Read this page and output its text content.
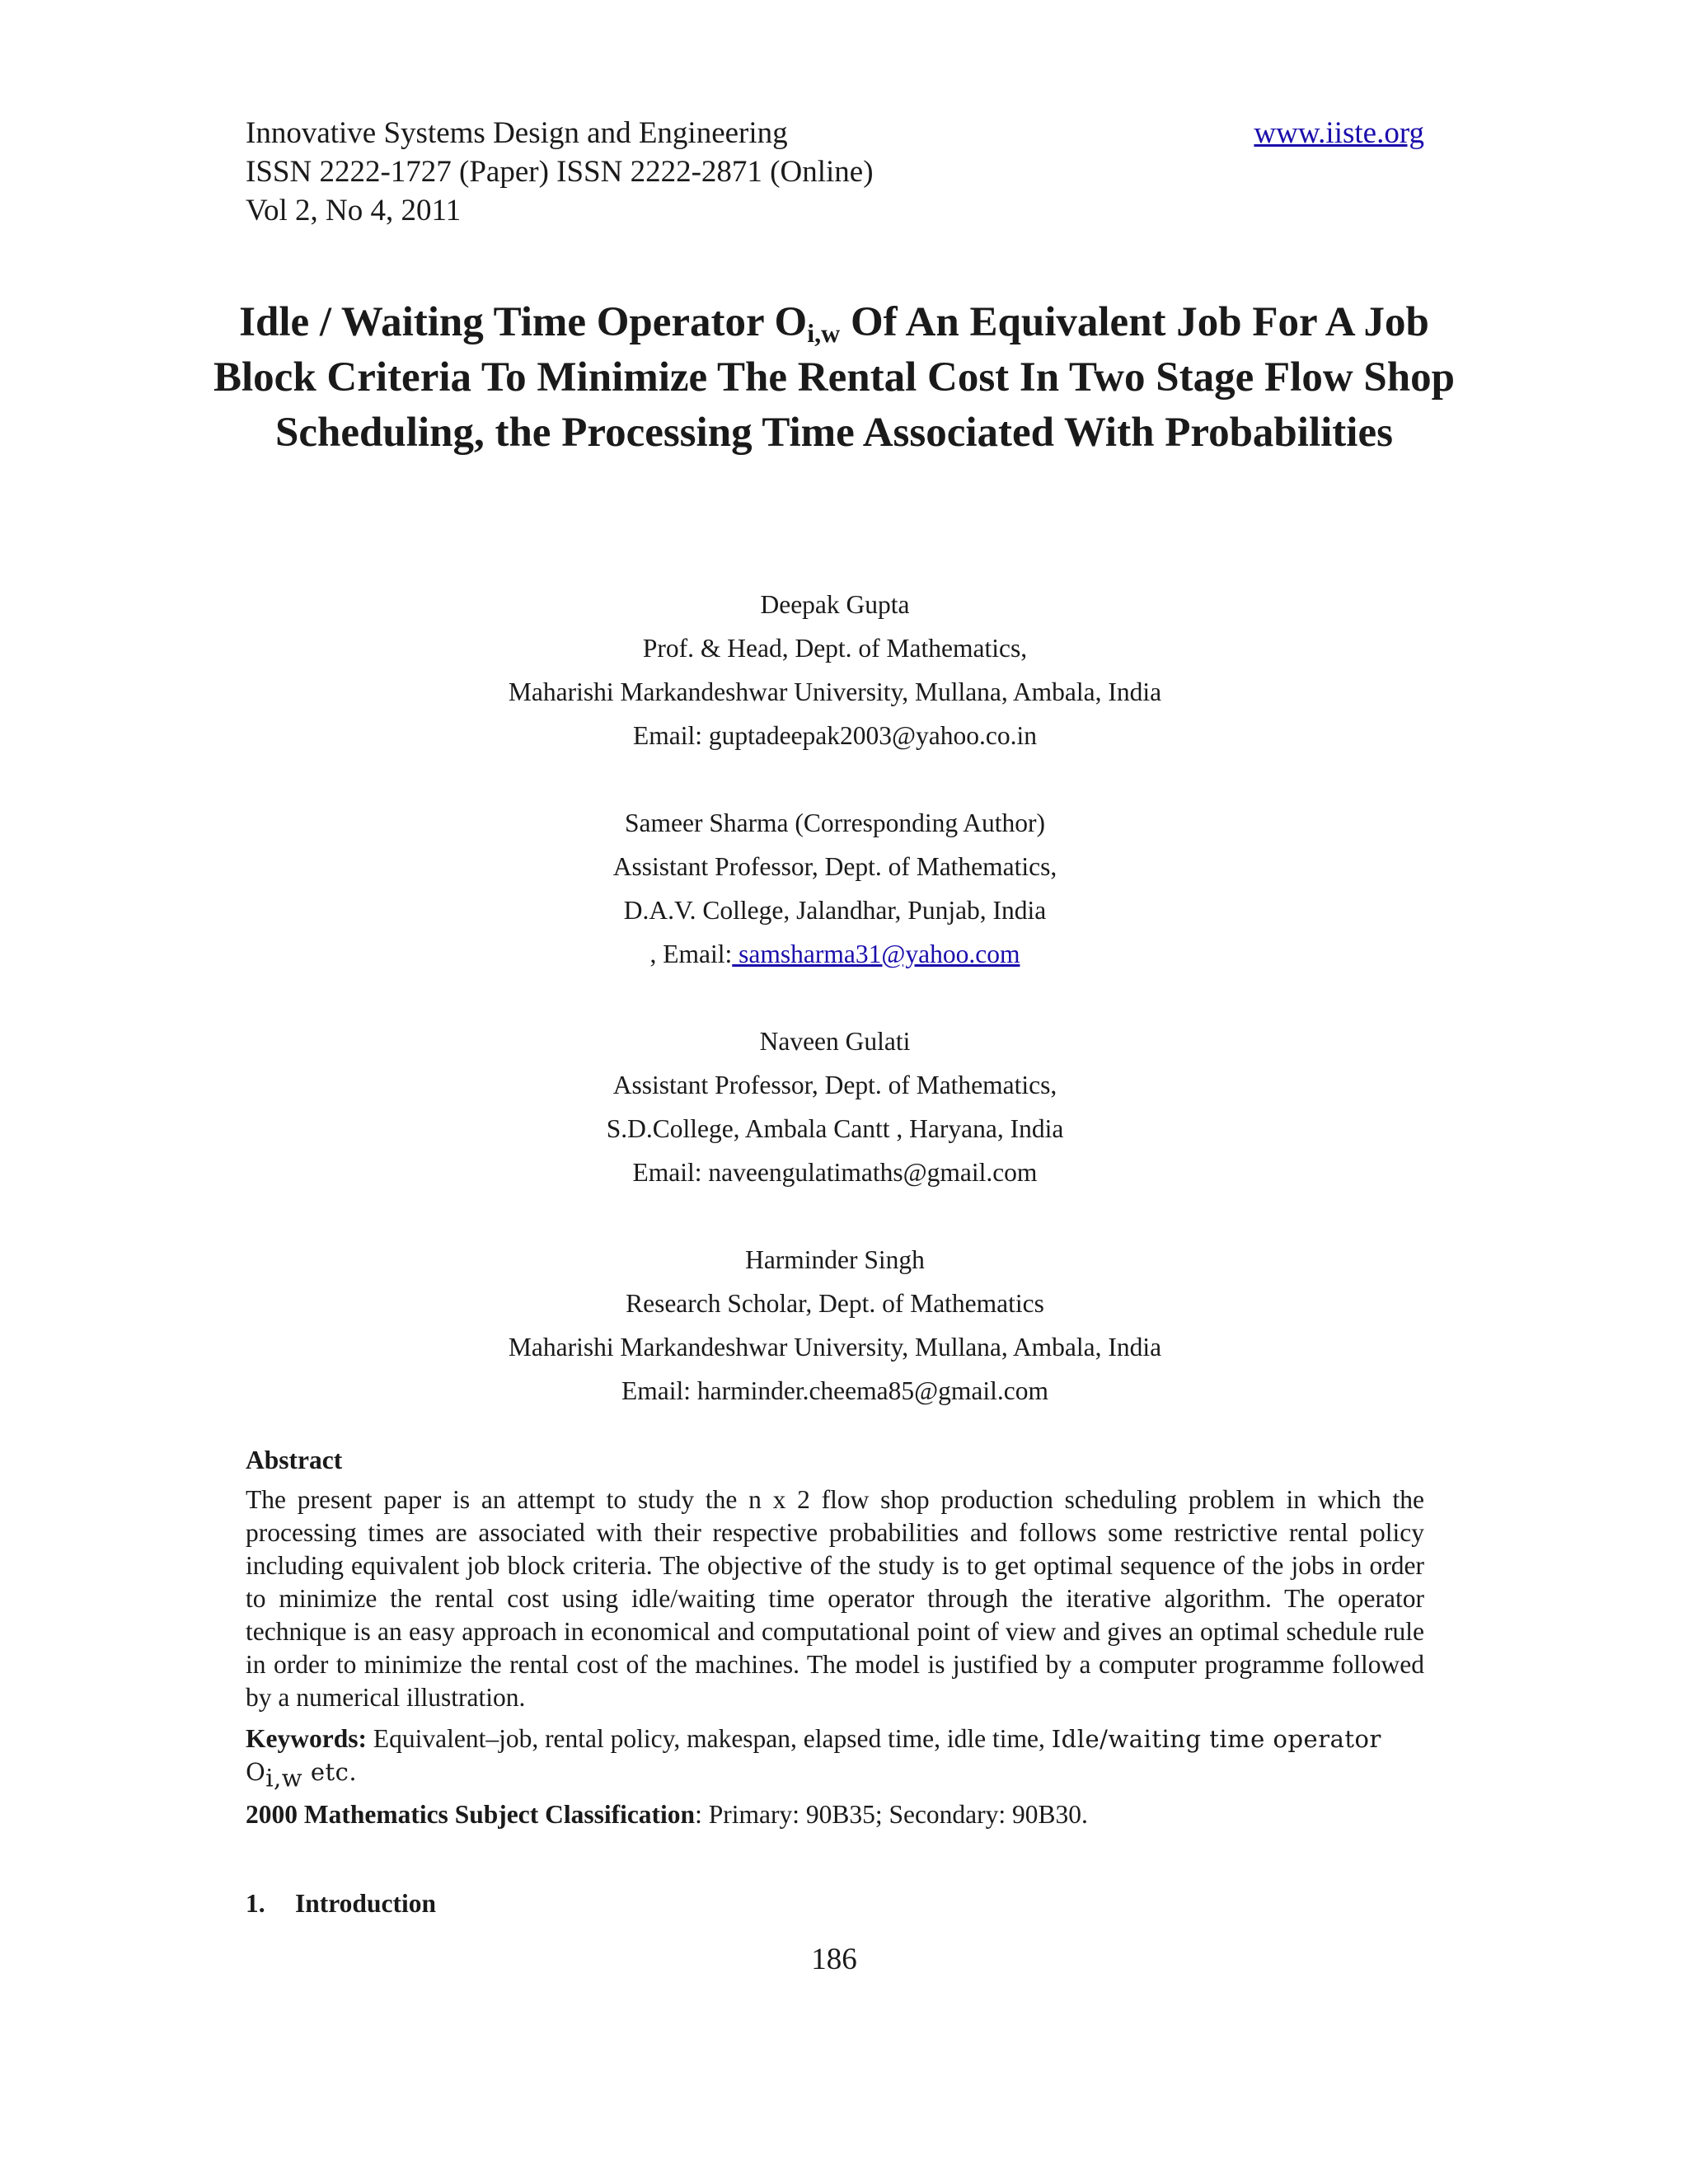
Innovative Systems Design and Engineering	www.iiste.org
ISSN 2222-1727 (Paper) ISSN 2222-2871 (Online)
Vol 2, No 4, 2011
Idle / Waiting Time Operator $O_{i,w}$ Of An Equivalent Job For A Job Block Criteria To Minimize The Rental Cost In Two Stage Flow Shop Scheduling, the Processing Time Associated With Probabilities
Deepak Gupta
Prof. & Head, Dept. of Mathematics,
Maharishi Markandeshwar University, Mullana, Ambala, India
Email: guptadeepak2003@yahoo.co.in
Sameer Sharma (Corresponding Author)
Assistant Professor, Dept. of Mathematics,
D.A.V. College, Jalandhar, Punjab, India
, Email: samsharma31@yahoo.com
Naveen Gulati
Assistant Professor, Dept. of Mathematics,
S.D.College, Ambala Cantt , Haryana, India
Email: naveengulatimaths@gmail.com
Harminder Singh
Research Scholar, Dept. of Mathematics
Maharishi Markandeshwar University, Mullana, Ambala, India
Email: harminder.cheema85@gmail.com
Abstract
The present paper is an attempt to study the n x 2 flow shop production scheduling problem in which the processing times are associated with their respective probabilities and follows some restrictive rental policy including equivalent job block criteria. The objective of the study is to get optimal sequence of the jobs in order to minimize the rental cost using idle/waiting time operator through the iterative algorithm. The operator technique is an easy approach in economical and computational point of view and gives an optimal schedule rule in order to minimize the rental cost of the machines. The model is justified by a computer programme followed by a numerical illustration.
Keywords: Equivalent–job, rental policy, makespan, elapsed time, idle time, Idle/waiting time operator $O_{i,w}$ etc.
2000 Mathematics Subject Classification: Primary: 90B35; Secondary: 90B30.
1. Introduction
186
